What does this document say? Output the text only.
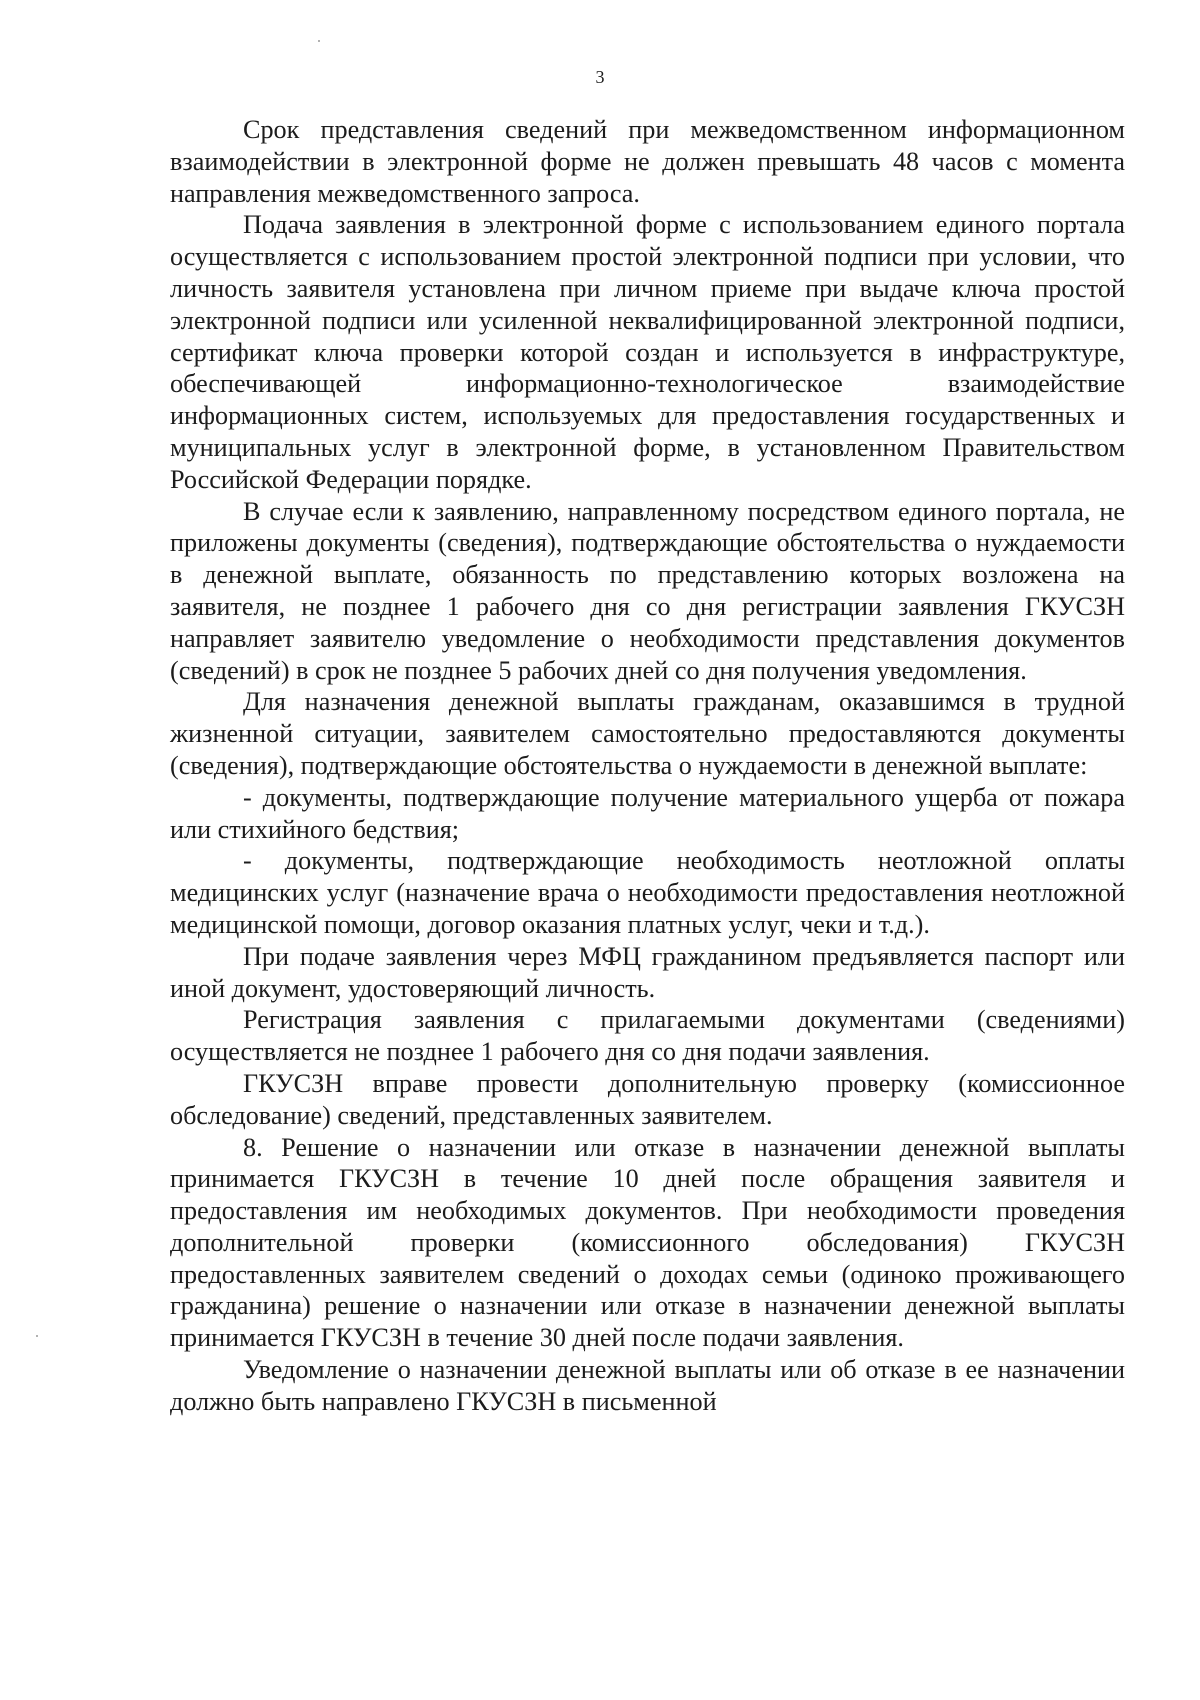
3

Срок представления сведений при межведомственном информационном взаимодействии в электронной форме не должен превышать 48 часов с момента направления межведомственного запроса.

Подача заявления в электронной форме с использованием единого портала осуществляется с использованием простой электронной подписи при условии, что личность заявителя установлена при личном приеме при выдаче ключа простой электронной подписи или усиленной неквалифицированной электронной подписи, сертификат ключа проверки которой создан и используется в инфраструктуре, обеспечивающей информационно-технологическое взаимодействие информационных систем, используемых для предоставления государственных и муниципальных услуг в электронной форме, в установленном Правительством Российской Федерации порядке.

В случае если к заявлению, направленному посредством единого портала, не приложены документы (сведения), подтверждающие обстоятельства о нуждаемости в денежной выплате, обязанность по представлению которых возложена на заявителя, не позднее 1 рабочего дня со дня регистрации заявления ГКУСЗН направляет заявителю уведомление о необходимости представления документов (сведений) в срок не позднее 5 рабочих дней со дня получения уведомления.

Для назначения денежной выплаты гражданам, оказавшимся в трудной жизненной ситуации, заявителем самостоятельно предоставляются документы (сведения), подтверждающие обстоятельства о нуждаемости в денежной выплате:

- документы, подтверждающие получение материального ущерба от пожара или стихийного бедствия;

- документы, подтверждающие необходимость неотложной оплаты медицинских услуг (назначение врача о необходимости предоставления неотложной медицинской помощи, договор оказания платных услуг, чеки и т.д.).

При подаче заявления через МФЦ гражданином предъявляется паспорт или иной документ, удостоверяющий личность.

Регистрация заявления с прилагаемыми документами (сведениями) осуществляется не позднее 1 рабочего дня со дня подачи заявления.

ГКУСЗН вправе провести дополнительную проверку (комиссионное обследование) сведений, представленных заявителем.

8. Решение о назначении или отказе в назначении денежной выплаты принимается ГКУСЗН в течение 10 дней после обращения заявителя и предоставления им необходимых документов. При необходимости проведения дополнительной проверки (комиссионного обследования) ГКУСЗН предоставленных заявителем сведений о доходах семьи (одиноко проживающего гражданина) решение о назначении или отказе в назначении денежной выплаты принимается ГКУСЗН в течение 30 дней после подачи заявления.

Уведомление о назначении денежной выплаты или об отказе в ее назначении должно быть направлено ГКУСЗН в письменной
